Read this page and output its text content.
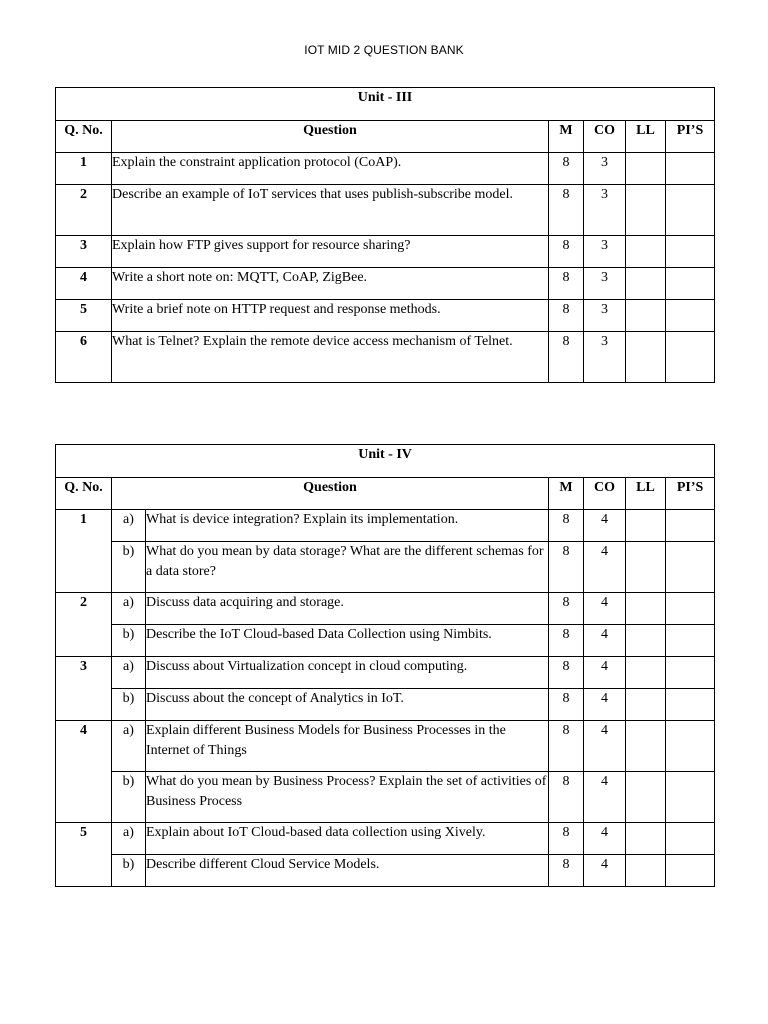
IOT MID 2 QUESTION BANK
Unit - III					

Q. No.	Question	M	CO	LL	PI’S
1	Explain the constraint application protocol (CoAP).	8	3		
2	Describe an example of IoT services that uses publish-subscribe model.	8	3		
3	Explain how FTP gives support for resource sharing?	8	3		
4	Write a short note on: MQTT, CoAP, ZigBee.	8	3		
5	Write a brief note on HTTP request and response methods.	8	3		
6	What is Telnet? Explain the remote device access mechanism of Telnet.	8	3		
Unit - IV						

Q. No.	Question		M	CO	LL	PI’S
1	a)	What is device integration? Explain its implementation.	8	4		
	b)	What do you mean by data storage? What are the different schemas for a data store?	8	4		
2	a)	Discuss data acquiring and storage.	8	4		
	b)	Describe the IoT Cloud-based Data Collection using Nimbits.	8	4		
3	a)	Discuss about Virtualization concept in cloud computing.	8	4		
	b)	Discuss about the concept of Analytics in IoT.	8	4		
4	a)	Explain different Business Models for Business Processes in the Internet of Things	8	4		
	b)	What do you mean by Business Process? Explain the set of activities of Business Process	8	4		
5	a)	Explain about IoT Cloud-based data collection using Xively.	8	4		
	b)	Describe different Cloud Service Models.	8	4		
